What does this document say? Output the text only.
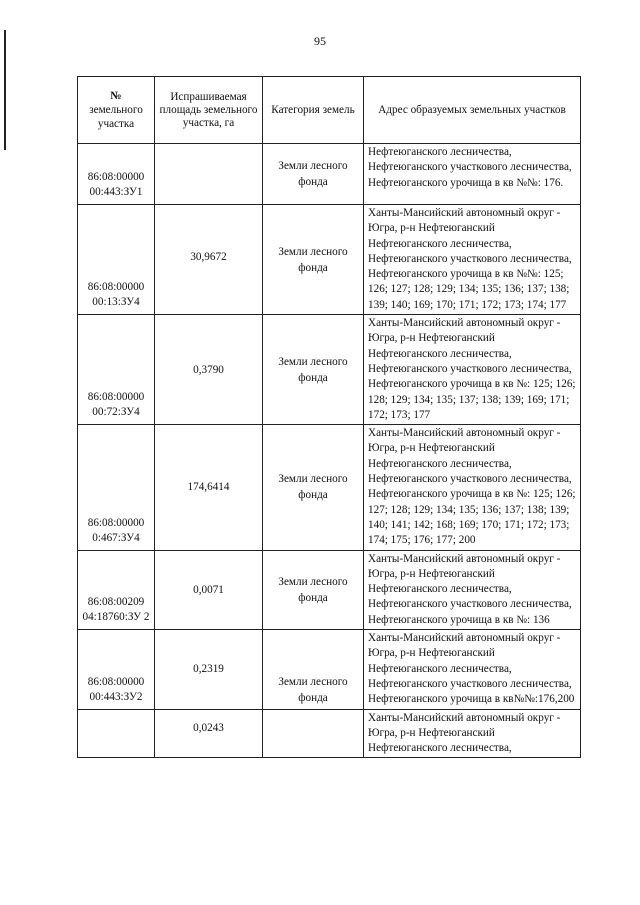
95
№
земельного участка	Испрашиваемая площадь земельного участка, га	Категория земель	Адрес образуемых земельных участков
86:08:00000 00:443:ЗУ1		Земли лесного фонда	Нефтеюганского лесничества, Нефтеюганского участкового лесничества, Нефтеюганского урочища в кв №№: 176.
86:08:00000 00:13:ЗУ4	30,9672	Земли лесного фонда	Ханты-Мансийский автономный округ - Югра, р-н Нефтеюганский Нефтеюганского лесничества, Нефтеюганского участкового лесничества, Нефтеюганского урочища в кв №№: 125; 126; 127; 128; 129; 134; 135; 136; 137; 138; 139; 140; 169; 170; 171; 172; 173; 174; 177
86:08:00000 00:72:ЗУ4	0,3790	Земли лесного фонда	Ханты-Мансийский автономный округ - Югра, р-н Нефтеюганский Нефтеюганского лесничества, Нефтеюганского участкового лесничества, Нефтеюганского урочища в кв №: 125; 126; 128; 129; 134; 135; 137; 138; 139; 169; 171; 172; 173; 177
86:08:00000 0:467:ЗУ4	174,6414	Земли лесного фонда	Ханты-Мансийский автономный округ - Югра, р-н Нефтеюганский Нефтеюганского лесничества, Нефтеюганского участкового лесничества, Нефтеюганского урочища в кв №: 125; 126; 127; 128; 129; 134; 135; 136; 137; 138; 139; 140; 141; 142; 168; 169; 170; 171; 172; 173; 174; 175; 176; 177; 200
86:08:00209 04:18760:ЗУ 2	0,0071	Земли лесного фонда	Ханты-Мансийский автономный округ - Югра, р-н Нефтеюганский Нефтеюганского лесничества, Нефтеюганского участкового лесничества, Нефтеюганского урочища в кв №: 136
86:08:00000 00:443:ЗУ2	0,2319	Земли лесного фонда	Ханты-Мансийский автономный округ - Югра, р-н Нефтеюганский Нефтеюганского лесничества, Нефтеюганского участкового лесничества, Нефтеюганского урочища в кв№№:176,200
	0,0243		Ханты-Мансийский автономный округ - Югра, р-н Нефтеюганский Нефтеюганского лесничества,
